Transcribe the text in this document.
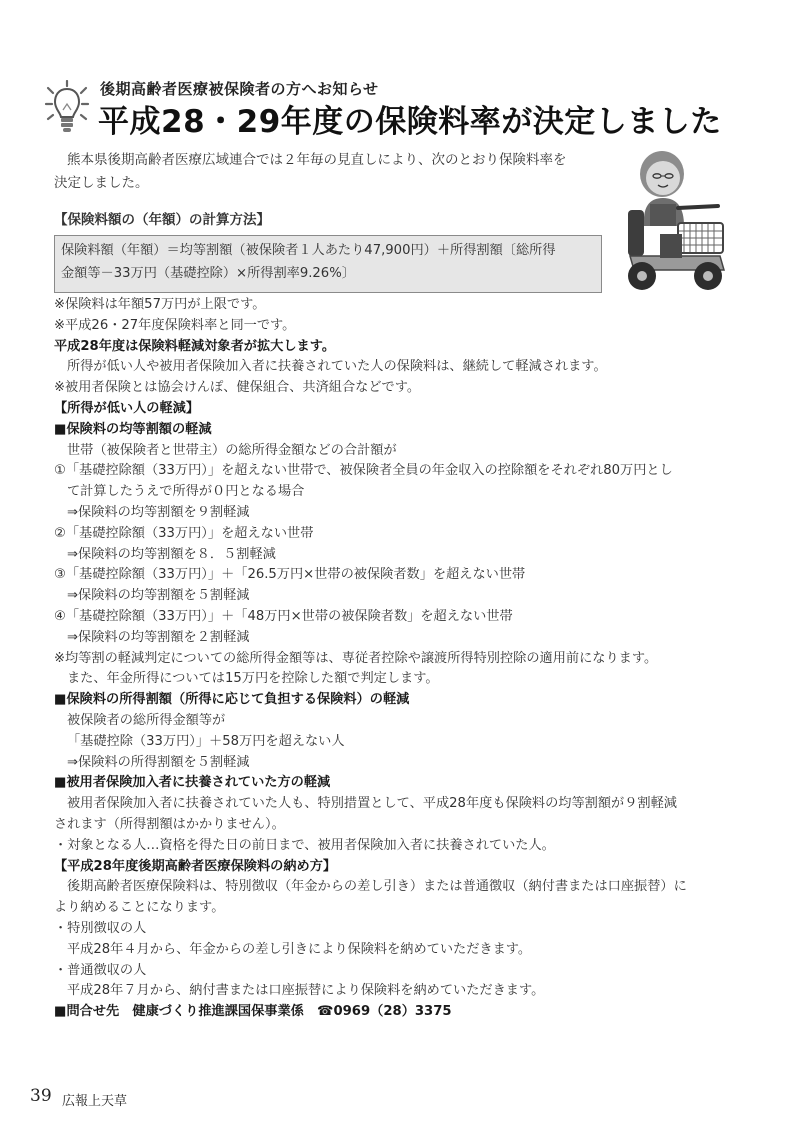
後期高齢者医療被保険者の方へお知らせ
平成28・29年度の保険料率が決定しました
熊本県後期高齢者医療広域連合では２年毎の見直しにより、次のとおり保険料率を
決定しました。
【保険料額の（年額）の計算方法】
保険料額（年額）＝均等割額（被保険者１人あたり47,900円）＋所得割額〔総所得
金額等－33万円（基礎控除）×所得割率9.26%〕
※保険料は年額57万円が上限です。
※平成26・27年度保険料率と同一です。
平成28年度は保険料軽減対象者が拡大します。
所得が低い人や被用者保険加入者に扶養されていた人の保険料は、継続して軽減されます。
※被用者保険とは協会けんぽ、健保組合、共済組合などです。
【所得が低い人の軽減】
■保険料の均等割額の軽減
世帯（被保険者と世帯主）の総所得金額などの合計額が
①「基礎控除額（33万円）」を超えない世帯で、被保険者全員の年金収入の控除額をそれぞれ80万円とし
て計算したうえで所得が０円となる場合
⇒保険料の均等割額を９割軽減
②「基礎控除額（33万円）」を超えない世帯
⇒保険料の均等割額を８．５割軽減
③「基礎控除額（33万円）」＋「26.5万円×世帯の被保険者数」を超えない世帯
⇒保険料の均等割額を５割軽減
④「基礎控除額（33万円）」＋「48万円×世帯の被保険者数」を超えない世帯
⇒保険料の均等割額を２割軽減
※均等割の軽減判定についての総所得金額等は、専従者控除や譲渡所得特別控除の適用前になります。
また、年金所得については15万円を控除した額で判定します。
■保険料の所得割額（所得に応じて負担する保険料）の軽減
被保険者の総所得金額等が
「基礎控除（33万円）」＋58万円を超えない人
⇒保険料の所得割額を５割軽減
■被用者保険加入者に扶養されていた方の軽減
被用者保険加入者に扶養されていた人も、特別措置として、平成28年度も保険料の均等割額が９割軽減
されます（所得割額はかかりません）。
・対象となる人…資格を得た日の前日まで、被用者保険加入者に扶養されていた人。
【平成28年度後期高齢者医療保険料の納め方】
後期高齢者医療保険料は、特別徴収（年金からの差し引き）または普通徴収（納付書または口座振替）に
より納めることになります。
・特別徴収の人
平成28年４月から、年金からの差し引きにより保険料を納めていただきます。
・普通徴収の人
平成28年７月から、納付書または口座振替により保険料を納めていただきます。
■問合せ先　健康づくり推進課国保事業係　☎0969（28）3375
39 広報上天草
